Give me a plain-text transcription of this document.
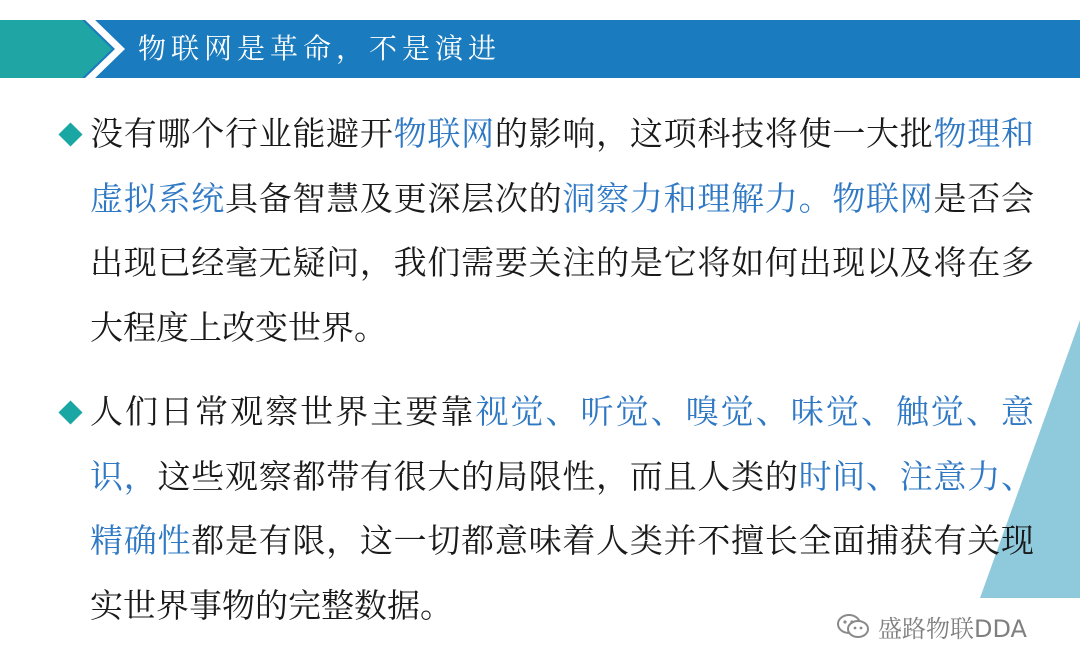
物联网是革命，不是演进

没有哪个行业能避开物联网的影响，这项科技将使一大批物理和虚拟系统具备智慧及更深层次的洞察力和理解力。物联网是否会出现已经毫无疑问，我们需要关注的是它将如何出现以及将在多大程度上改变世界。

人们日常观察世界主要靠视觉、听觉、嗅觉、味觉、触觉、意识，这些观察都带有很大的局限性，而且人类的时间、注意力、精确性都是有限，这一切都意味着人类并不擅长全面捕获有关现实世界事物的完整数据。

盛路物联DDA
